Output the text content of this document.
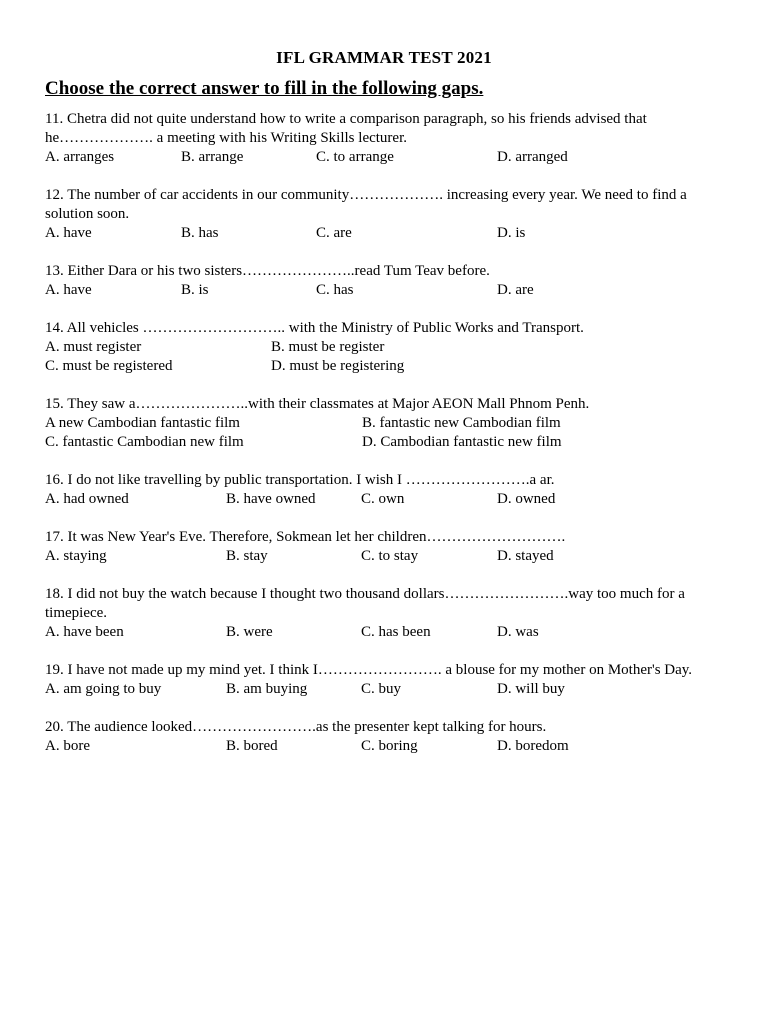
IFL GRAMMAR TEST 2021
Choose the correct answer to fill in the following gaps.
11. Chetra did not quite understand how to write a comparison paragraph, so his friends advised that he………………. a meeting with his Writing Skills lecturer.
A. arranges	B. arrange	C. to arrange	D. arranged
12. The number of car accidents in our community………………. increasing every year. We need to find a solution soon.
A. have	B. has	C. are	D. is
13. Either Dara or his two sisters…………………..read Tum Teav before.
A. have	B. is	C. has	D. are
14. All vehicles ……………………….. with the Ministry of Public Works and Transport.
A. must register	B. must be register
C. must be registered	D. must be registering
15. They saw a…………………..with their classmates at Major AEON Mall Phnom Penh.
A new Cambodian fantastic film	B. fantastic new Cambodian film
C. fantastic Cambodian new film	D. Cambodian fantastic new film
16. I do not like travelling by public transportation. I wish I …………………….a ar.
A. had owned	B. have owned	C. own	D. owned
17. It was New Year's Eve. Therefore, Sokmean let her children……………………….
A. staying	B. stay	C. to stay	D. stayed
18. I did not buy the watch because I thought two thousand dollars…………………….way too much for a timepiece.
A. have been	B. were	C. has been	D. was
19. I have not made up my mind yet. I think I……………………. a blouse for my mother on Mother's Day.
A. am going to buy	B. am buying	C. buy	D. will buy
20. The audience looked…………………….as the presenter kept talking for hours.
A. bore	B. bored	C. boring	D. boredom
